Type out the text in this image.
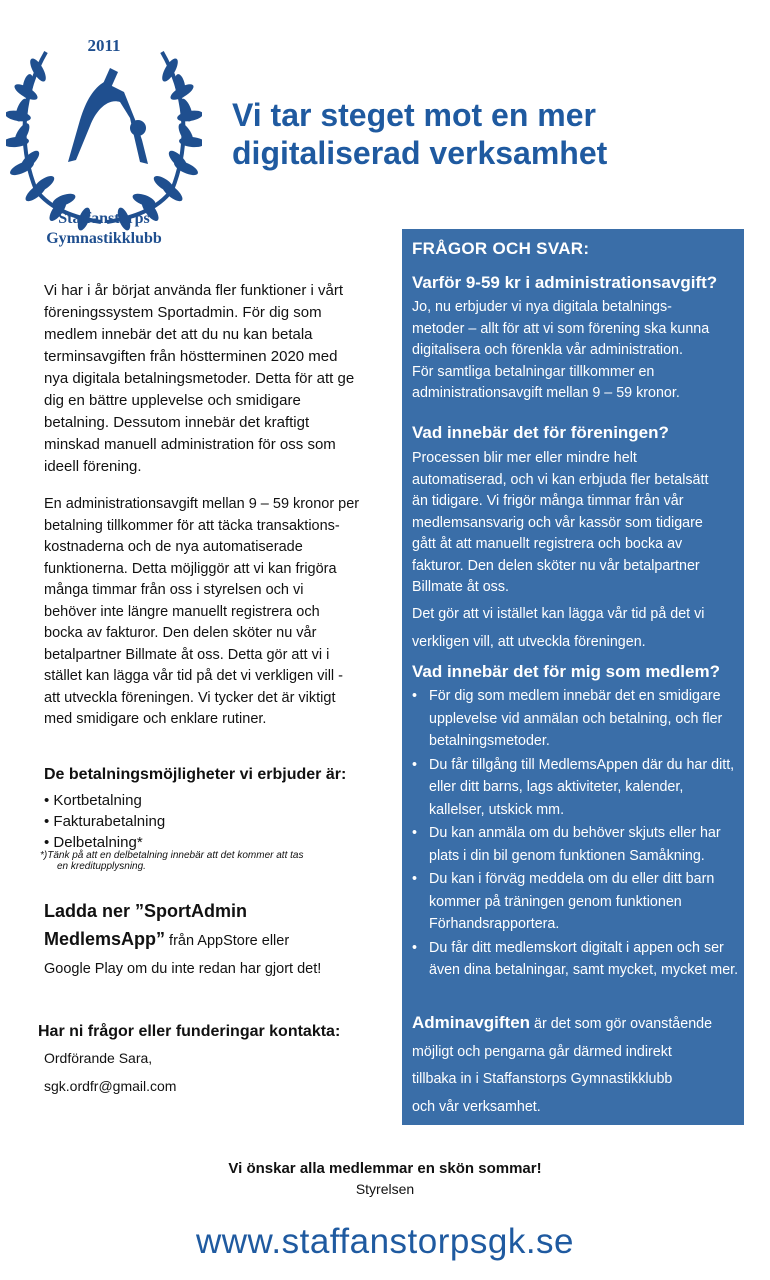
2011
Staffanstorps
Gymnastikklubb
Vi tar steget mot en mer
digitaliserad verksamhet
Vi har i år börjat använda fler funktioner i vårt
föreningssystem Sportadmin. För dig som
medlem innebär det att du nu kan betala
terminsavgiften från höstterminen 2020 med
nya digitala betalningsmetoder. Detta för att ge
dig en bättre upplevelse och smidigare
betalning. Dessutom innebär det kraftigt
minskad manuell administration för oss som
ideell förening.
En administrationsavgift mellan 9 – 59 kronor per
betalning tillkommer för att täcka transaktions-
kostnaderna och de nya automatiserade
funktionerna. Detta möjliggör att vi kan frigöra
många timmar från oss i styrelsen och vi
behöver inte längre manuellt registrera och
bocka av fakturor. Den delen sköter nu vår
betalpartner Billmate åt oss. Detta gör att vi i
stället kan lägga vår tid på det vi verkligen vill -
att utveckla föreningen. Vi tycker det är viktigt
med smidigare och enklare rutiner.
De betalningsmöjligheter vi erbjuder är:
• Kortbetalning
• Fakturabetalning
• Delbetalning*
*)Tänk på att en delbetalning innebär att det kommer att tas
en kreditupplysning.
Ladda ner ”SportAdmin
MedlemsApp” från AppStore eller
Google Play om du inte redan har gjort det!
Har ni frågor eller funderingar kontakta:
Ordförande Sara,
sgk.ordfr@gmail.com
FRÅGOR OCH SVAR:
Varför 9-59 kr i administrationsavgift?
Jo, nu erbjuder vi nya digitala betalnings-
metoder – allt för att vi som förening ska kunna
digitalisera och förenkla vår administration.
För samtliga betalningar tillkommer en
administrationsavgift mellan 9 – 59 kronor.
Vad innebär det för föreningen?
Processen blir mer eller mindre helt
automatiserad, och vi kan erbjuda fler betalsätt
än tidigare. Vi frigör många timmar från vår
medlemsansvarig och vår kassör som tidigare
gått åt att manuellt registrera och bocka av
fakturor. Den delen sköter nu vår betalpartner
Billmate åt oss.
Det gör att vi istället kan lägga vår tid på det vi
verkligen vill, att utveckla föreningen.
Vad innebär det för mig som medlem?
• För dig som medlem innebär det en smidigare upplevelse vid anmälan och betalning, och fler betalningsmetoder.
• Du får tillgång till MedlemsAppen där du har ditt, eller ditt barns, lags aktiviteter, kalender, kallelser, utskick mm.
• Du kan anmäla om du behöver skjuts eller har plats i din bil genom funktionen Samåkning.
• Du kan i förväg meddela om du eller ditt barn kommer på träningen genom funktionen Förhandsrapportera.
• Du får ditt medlemskort digitalt i appen och ser även dina betalningar, samt mycket, mycket mer.
Adminavgiften är det som gör ovanstående
möjligt och pengarna går därmed indirekt
tillbaka in i Staffanstorps Gymnastikklubb
och vår verksamhet.
Vi önskar alla medlemmar en skön sommar!
Styrelsen
www.staffanstorpsgk.se
